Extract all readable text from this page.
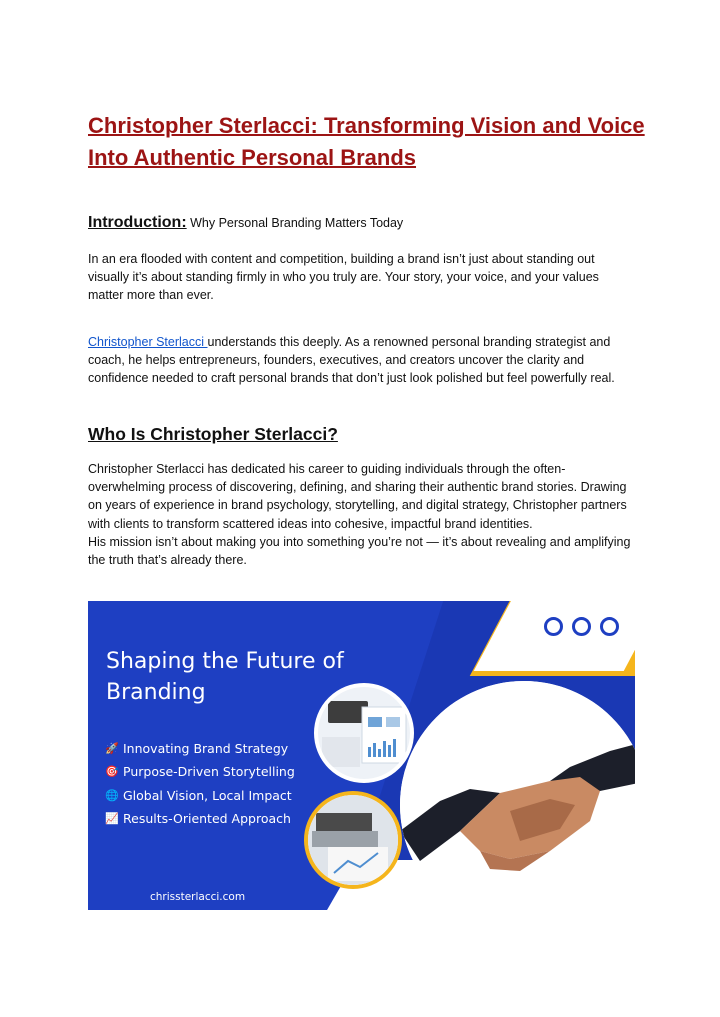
Christopher Sterlacci: Transforming Vision and Voice Into Authentic Personal Brands
Introduction: Why Personal Branding Matters Today

In an era flooded with content and competition, building a brand isn’t just about standing out visually it’s about standing firmly in who you truly are. Your story, your voice, and your values matter more than ever.

Christopher Sterlacci understands this deeply. As a renowned personal branding strategist and coach, he helps entrepreneurs, founders, executives, and creators uncover the clarity and confidence needed to craft personal brands that don’t just look polished but feel powerfully real.

Who Is Christopher Sterlacci?

Christopher Sterlacci has dedicated his career to guiding individuals through the often-overwhelming process of discovering, defining, and sharing their authentic brand stories. Drawing on years of experience in brand psychology, storytelling, and digital strategy, Christopher partners with clients to transform scattered ideas into cohesive, impactful brand identities.
His mission isn’t about making you into something you’re not — it’s about revealing and amplifying the truth that’s already there.

Shaping the Future of Branding
🚀 Innovating Brand Strategy
🎯 Purpose-Driven Storytelling
🌐 Global Vision, Local Impact
📈 Results-Oriented Approach
chrissterlacci.com
